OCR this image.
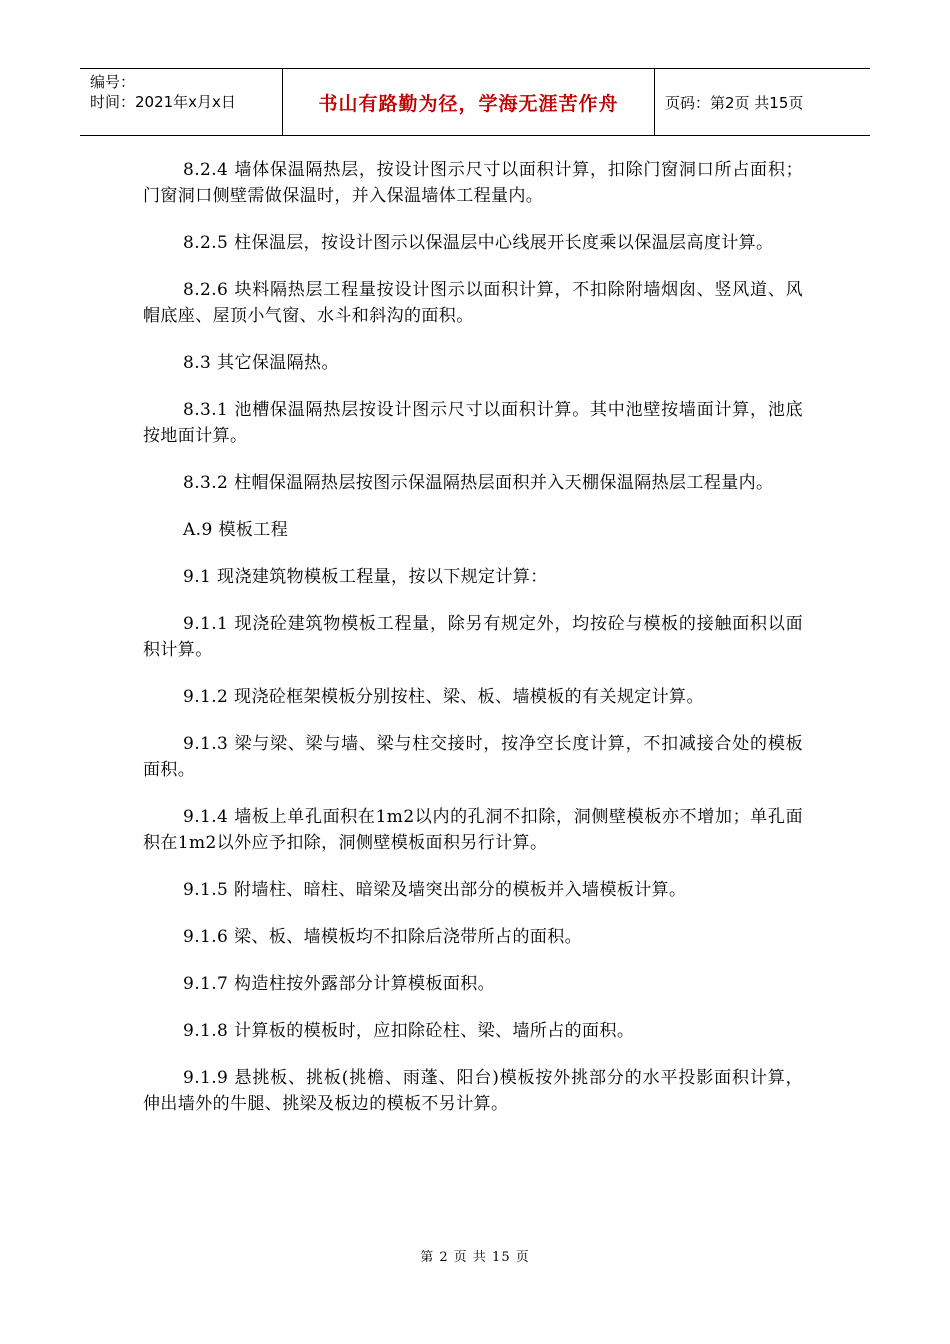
编号：
时间：2021年x月x日	书山有路勤为径，学海无涯苦作舟	页码：第2页 共15页

8.2.4 墙体保温隔热层，按设计图示尺寸以面积计算，扣除门窗洞口所占面积；门窗洞口侧壁需做保温时，并入保温墙体工程量内。

8.2.5 柱保温层，按设计图示以保温层中心线展开长度乘以保温层高度计算。

8.2.6 块料隔热层工程量按设计图示以面积计算，不扣除附墙烟囱、竖风道、风帽底座、屋顶小气窗、水斗和斜沟的面积。

8.3 其它保温隔热。

8.3.1 池槽保温隔热层按设计图示尺寸以面积计算。其中池壁按墙面计算，池底按地面计算。

8.3.2 柱帽保温隔热层按图示保温隔热层面积并入天棚保温隔热层工程量内。

A.9 模板工程

9.1 现浇建筑物模板工程量，按以下规定计算：

9.1.1 现浇砼建筑物模板工程量，除另有规定外，均按砼与模板的接触面积以面积计算。

9.1.2 现浇砼框架模板分别按柱、梁、板、墙模板的有关规定计算。

9.1.3 梁与梁、梁与墙、梁与柱交接时，按净空长度计算，不扣减接合处的模板面积。

9.1.4 墙板上单孔面积在1m2以内的孔洞不扣除，洞侧壁模板亦不增加；单孔面积在1m2以外应予扣除，洞侧壁模板面积另行计算。

9.1.5 附墙柱、暗柱、暗梁及墙突出部分的模板并入墙模板计算。

9.1.6 梁、板、墙模板均不扣除后浇带所占的面积。

9.1.7 构造柱按外露部分计算模板面积。

9.1.8 计算板的模板时，应扣除砼柱、梁、墙所占的面积。

9.1.9 悬挑板、挑板(挑檐、雨蓬、阳台)模板按外挑部分的水平投影面积计算，伸出墙外的牛腿、挑梁及板边的模板不另计算。

第 2 页 共 15 页
